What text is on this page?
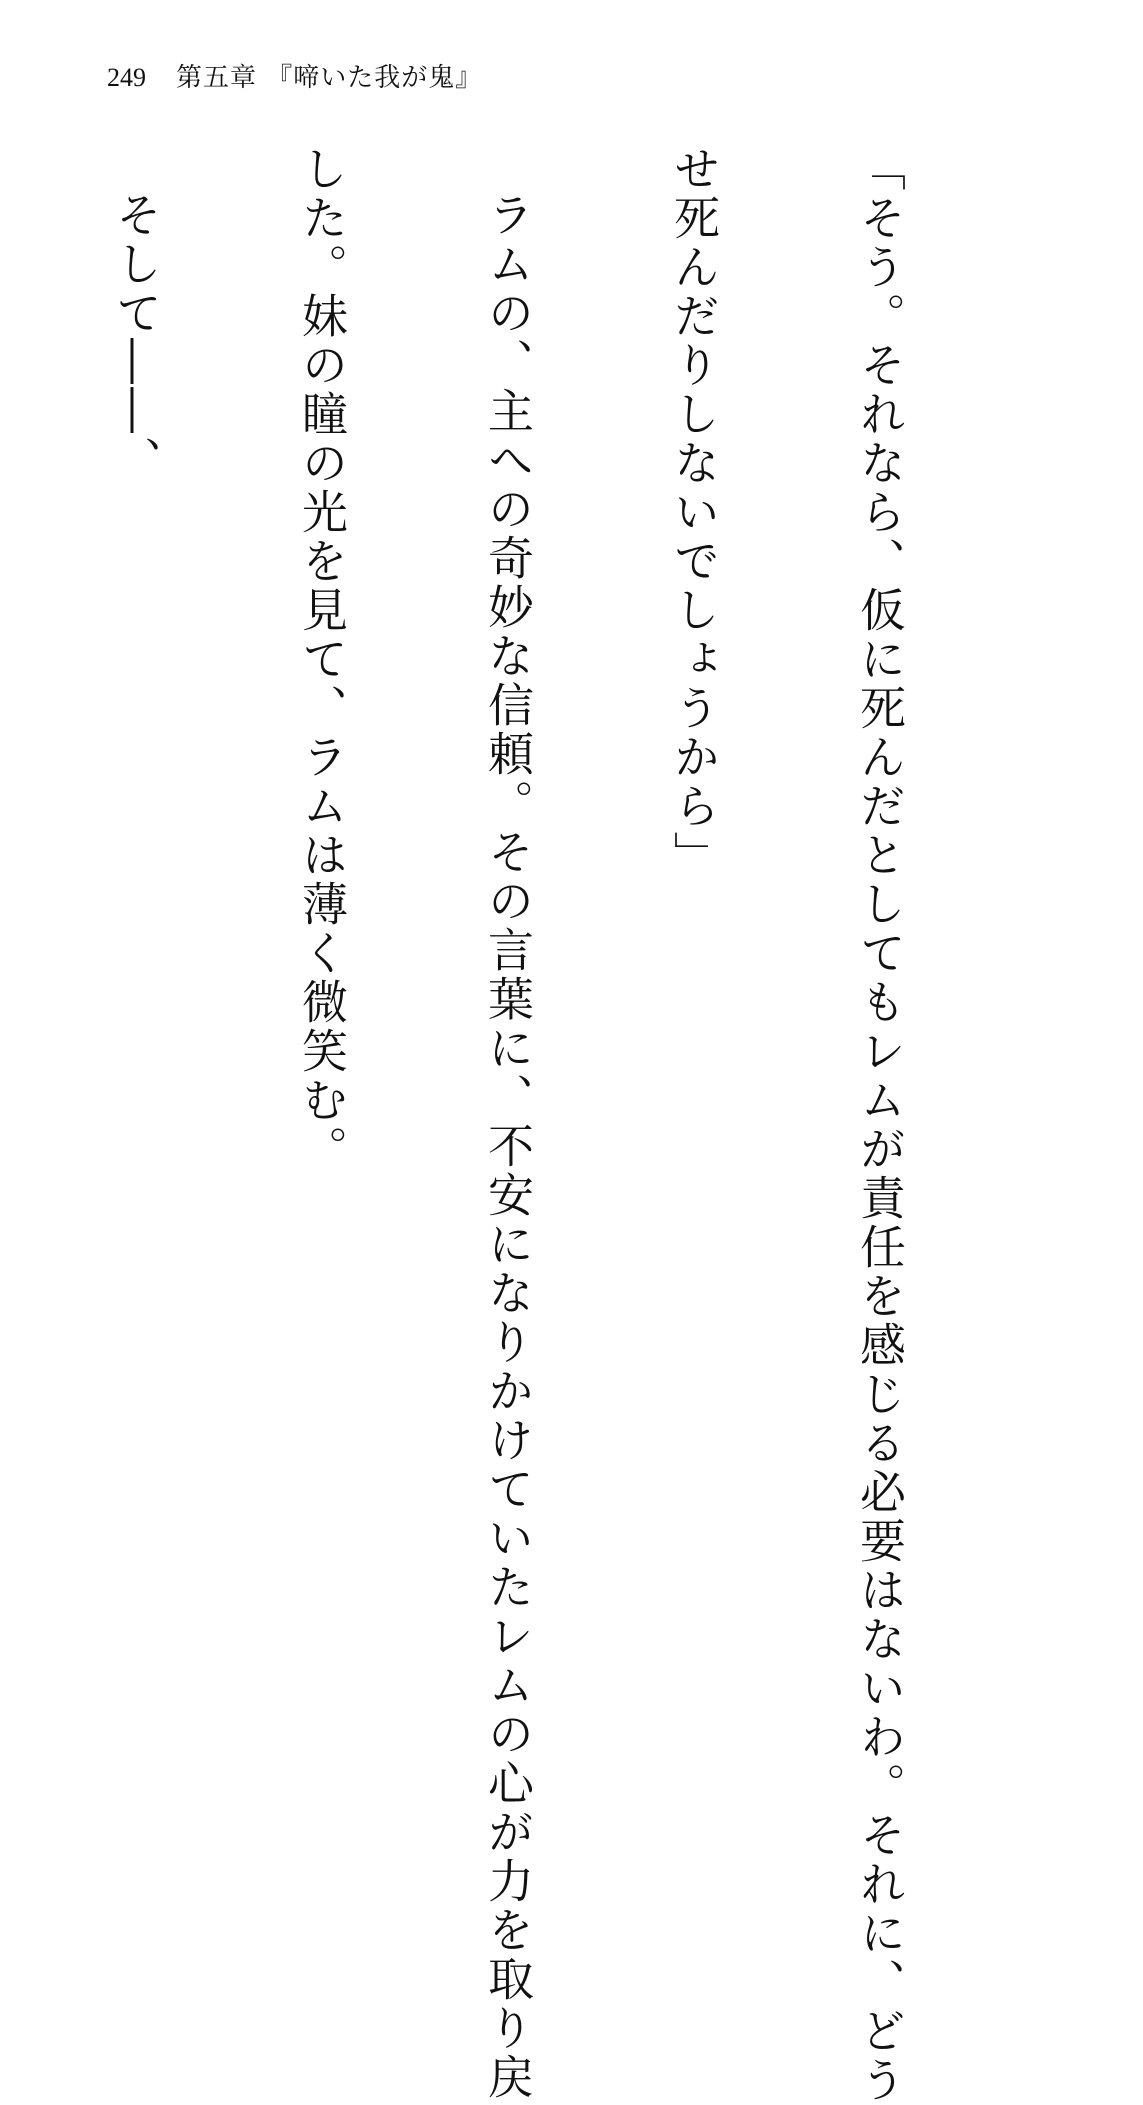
249 第五章 『啼いた我が鬼』

「そう。それなら、仮に死んだとしてもレムが責任を感じる必要はないわ。それに、どう

せ死んだりしないでしょうから」

ラムの、主への奇妙な信頼。その言葉に、不安になりかけていたレムの心が力を取り戻

した。妹の瞳の光を見て、ラムは薄く微笑む。

そして――、
